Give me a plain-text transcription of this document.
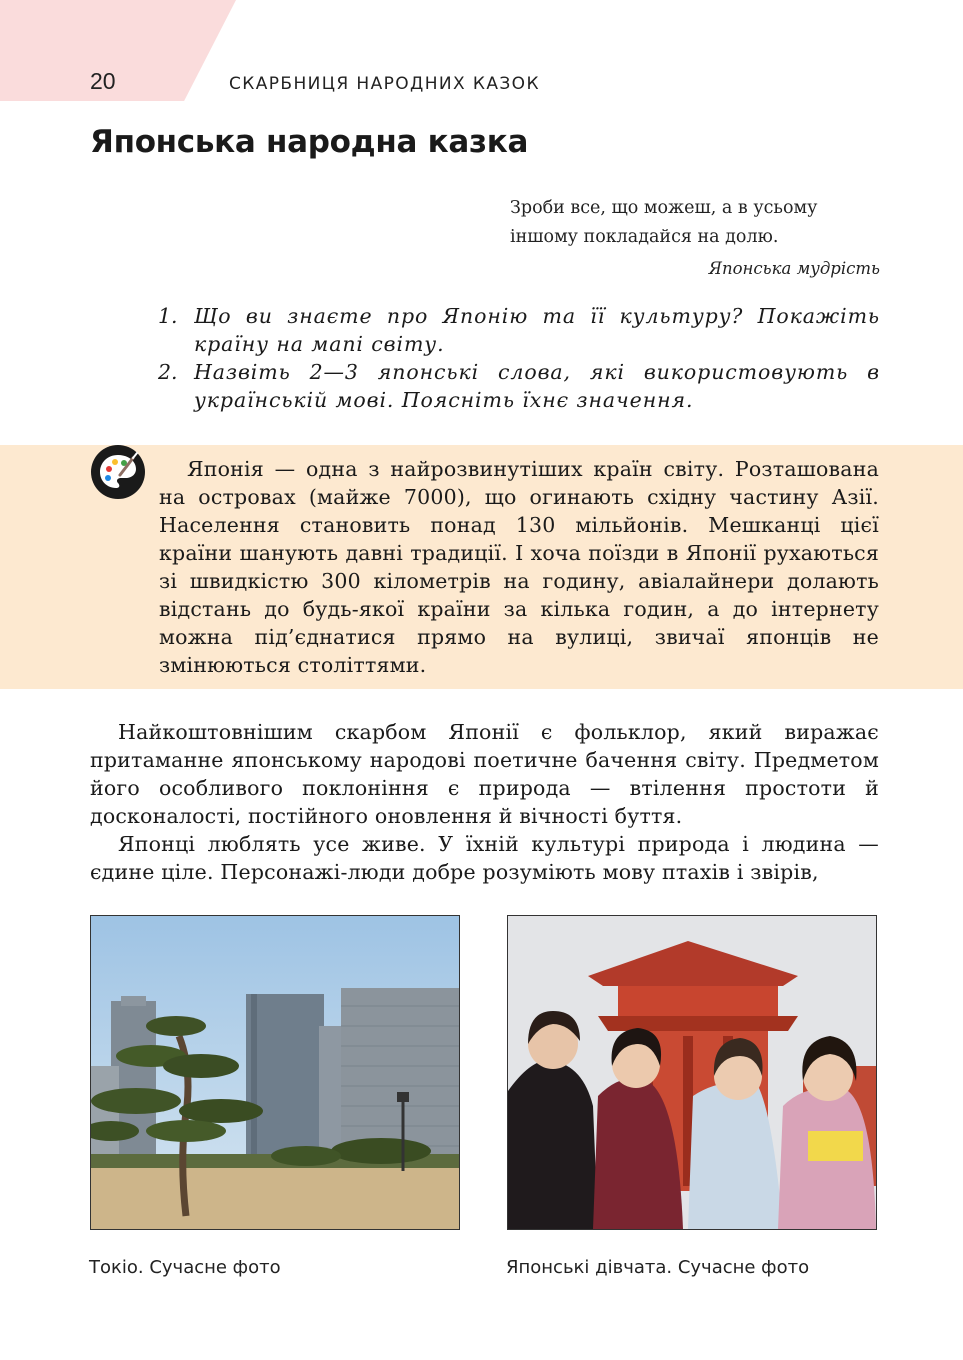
20	СКАРБНИЦЯ НАРОДНИХ КАЗОК
Японська народна казка
Зроби все, що можеш, а в усьому іншому покладайся на долю.
Японська мудрість
1. Що ви знаєте про Японію та її культуру? Покажіть країну на мапі світу.
2. Назвіть 2—3 японські слова, які використовують в українській мові. Поясніть їхнє значення.

Японія — одна з найрозвинутіших країн світу. Розташована на островах (майже 7000), що огинають східну частину Азії. Населення становить понад 130 мільйонів. Мешканці цієї країни шанують давні традиції. І хоча поїзди в Японії рухаються зі швидкістю 300 кілометрів на годину, авіалайнери долають відстань до будь-якої країни за кілька годин, а до інтернету можна під’єднатися прямо на вулиці, звичаї японців не змінюються століттями.

Найкоштовнішим скарбом Японії є фольклор, який виражає притаманне японському народові поетичне бачення світу. Предметом його особливого поклоніння є природа — втілення простоти й досконалості, постійного оновлення й вічності буття.

Японці люблять усе живе. У їхній культурі природа і людина — єдине ціле. Персонажі-люди добре розуміють мову птахів і звірів,

Токіо. Сучасне фото	Японські дівчата. Сучасне фото
